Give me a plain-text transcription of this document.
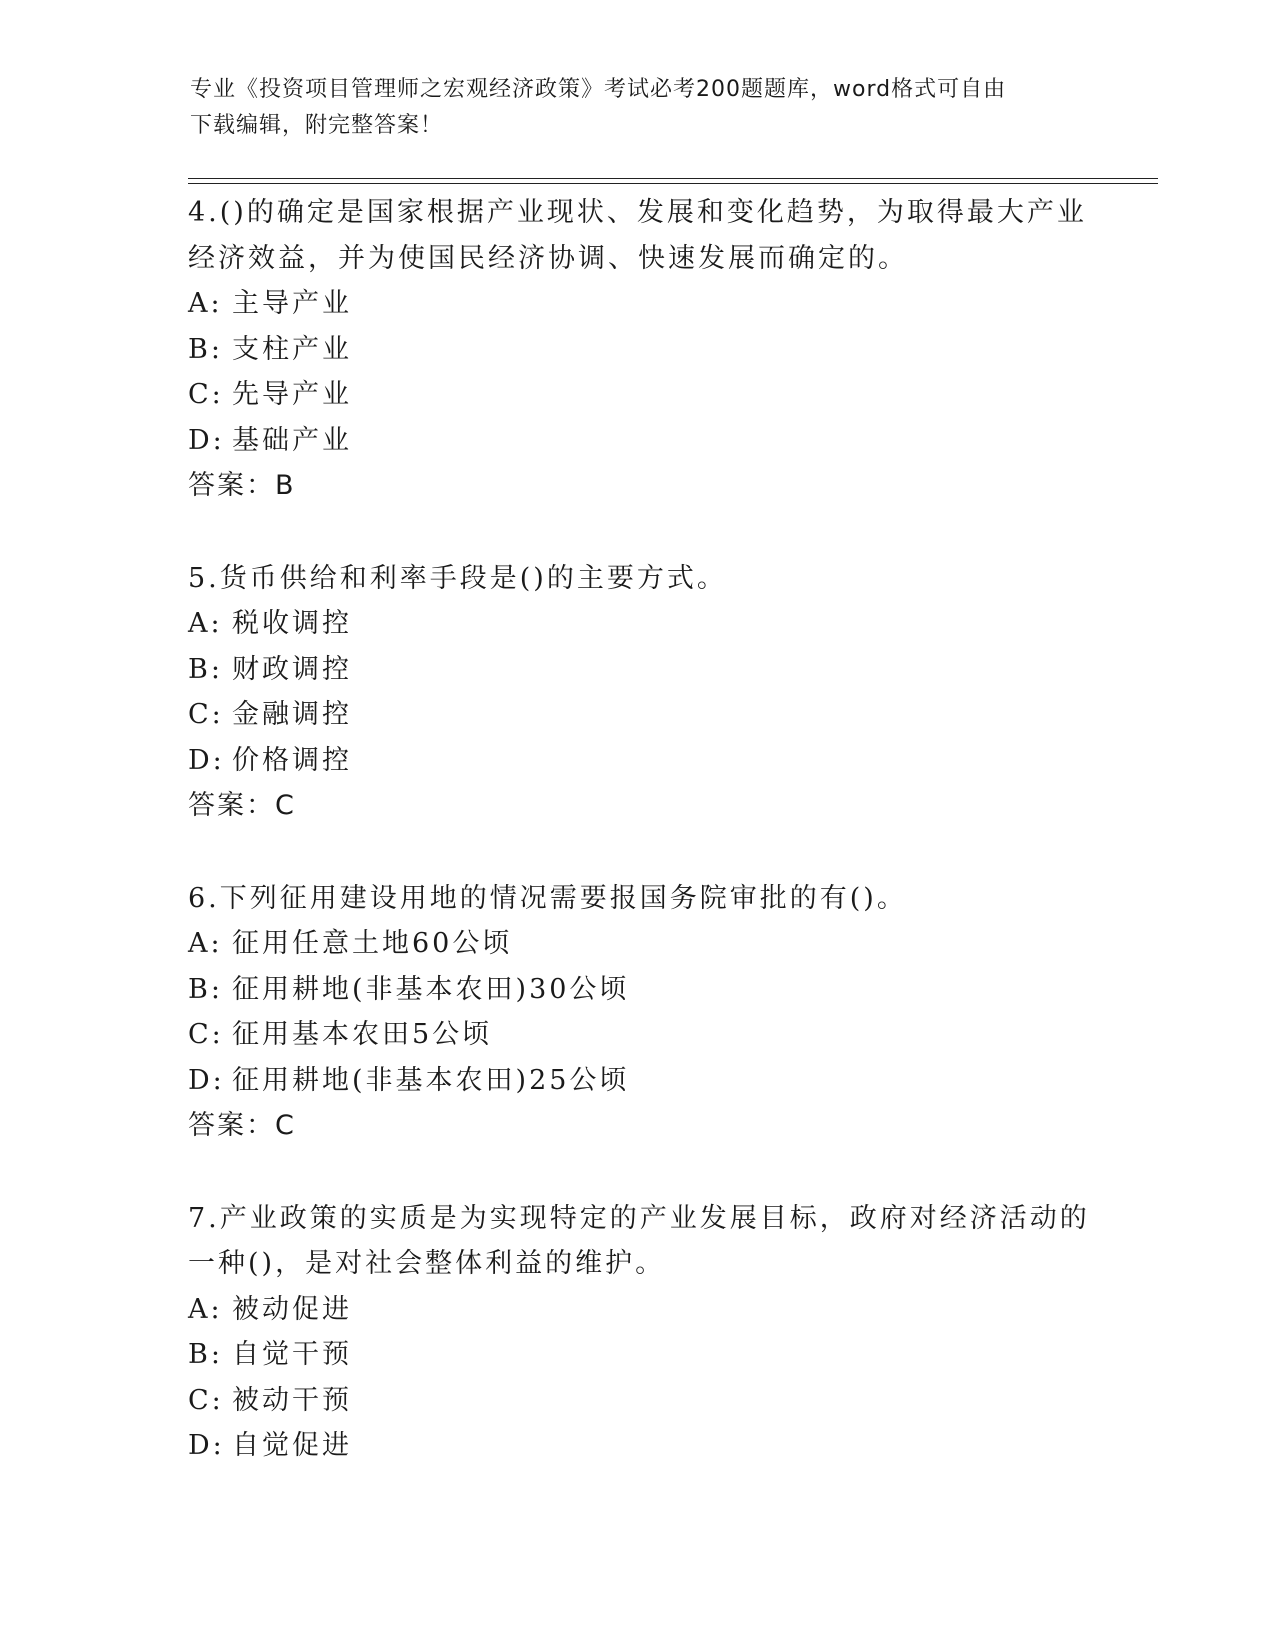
专业《投资项目管理师之宏观经济政策》考试必考200题题库，word格式可自由
下载编辑，附完整答案！
4.()的确定是国家根据产业现状、发展和变化趋势，为取得最大产业
经济效益，并为使国民经济协调、快速发展而确定的。
A: 主导产业
B: 支柱产业
C: 先导产业
D: 基础产业
答案：B
5.货币供给和利率手段是()的主要方式。
A: 税收调控
B: 财政调控
C: 金融调控
D: 价格调控
答案：C
6.下列征用建设用地的情况需要报国务院审批的有()。
A: 征用任意土地60公顷
B: 征用耕地(非基本农田)30公顷
C: 征用基本农田5公顷
D: 征用耕地(非基本农田)25公顷
答案：C
7.产业政策的实质是为实现特定的产业发展目标，政府对经济活动的
一种()，是对社会整体利益的维护。
A: 被动促进
B: 自觉干预
C: 被动干预
D: 自觉促进
